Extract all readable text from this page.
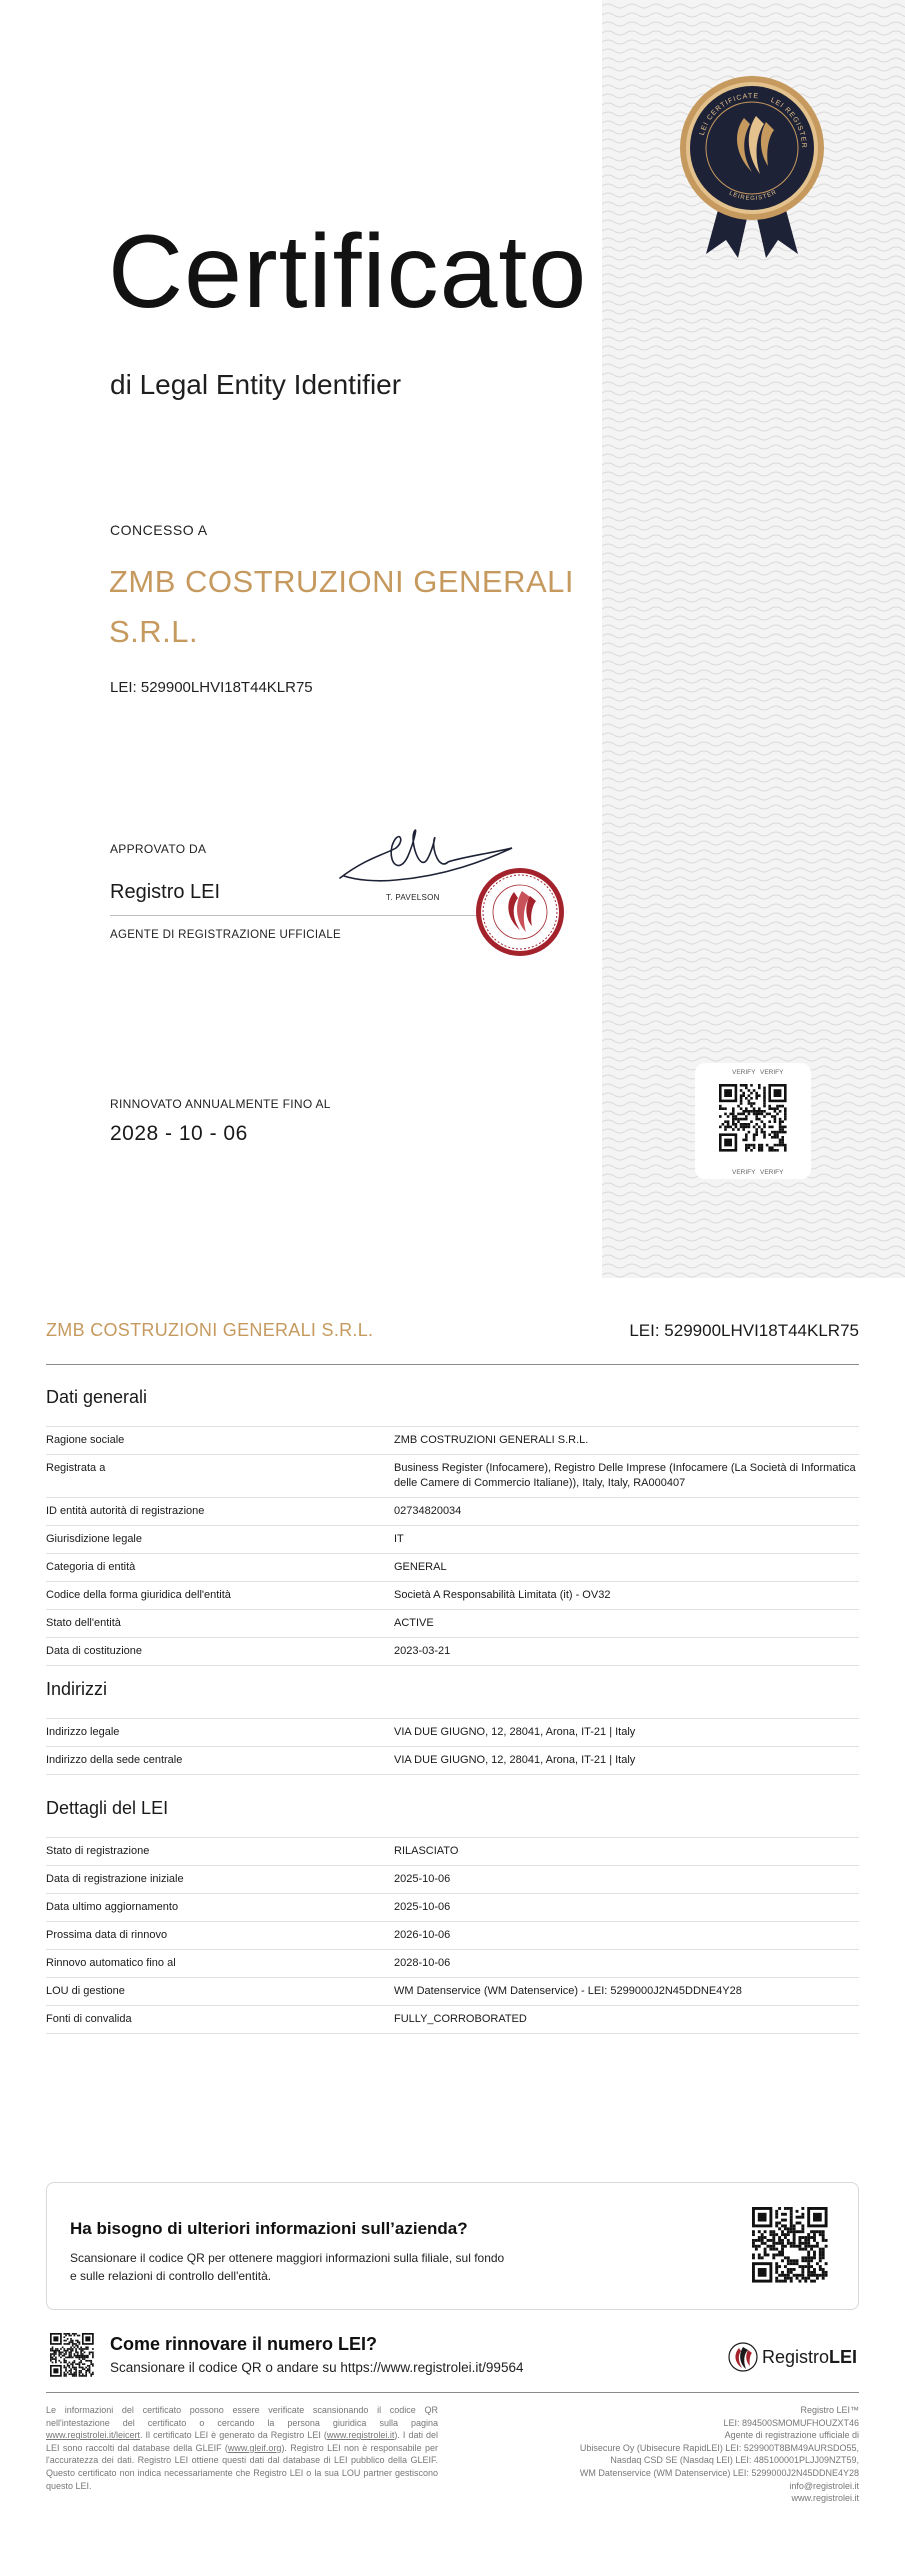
LEI CERTIFICATE
LEI REGISTER
LEIREGISTER
Certificato
di Legal Entity Identifier
CONCESSO A
ZMB COSTRUZIONI GENERALI S.R.L.
LEI: 529900LHVI18T44KLR75
APPROVATO DA
Registro LEI
AGENTE DI REGISTRAZIONE UFFICIALE
T. PAVELSON
RINNOVATO ANNUALMENTE FINO AL
2028 - 10 - 06
VERIFY VERIFY
VERIFY VERIFY
ZMB COSTRUZIONI GENERALI S.R.L.	LEI: 529900LHVI18T44KLR75
Dati generali
Ragione sociale	ZMB COSTRUZIONI GENERALI S.R.L.
Registrata a	Business Register (Infocamere), Registro Delle Imprese (Infocamere (La Società di Informatica delle Camere di Commercio Italiane)), Italy, Italy, RA000407
ID entità autorità di registrazione	02734820034
Giurisdizione legale	IT
Categoria di entità	GENERAL
Codice della forma giuridica dell'entità	Società A Responsabilità Limitata (it) - OV32
Stato dell'entità	ACTIVE
Data di costituzione	2023-03-21
Indirizzi
Indirizzo legale	VIA DUE GIUGNO, 12, 28041, Arona, IT-21 | Italy
Indirizzo della sede centrale	VIA DUE GIUGNO, 12, 28041, Arona, IT-21 | Italy
Dettagli del LEI
Stato di registrazione	RILASCIATO
Data di registrazione iniziale	2025-10-06
Data ultimo aggiornamento	2025-10-06
Prossima data di rinnovo	2026-10-06
Rinnovo automatico fino al	2028-10-06
LOU di gestione	WM Datenservice (WM Datenservice) - LEI: 5299000J2N45DDNE4Y28
Fonti di convalida	FULLY_CORROBORATED
Ha bisogno di ulteriori informazioni sull’azienda?
Scansionare il codice QR per ottenere maggiori informazioni sulla filiale, sul fondo e sulle relazioni di controllo dell'entità.
Come rinnovare il numero LEI?
Scansionare il codice QR o andare su https://www.registrolei.it/99564
RegistroLEI
Le informazioni del certificato possono essere verificate scansionando il codice QR nell'intestazione del certificato o cercando la persona giuridica sulla pagina www.registrolei.it/leicert. Il certificato LEI è generato da Registro LEI (www.registrolei.it). I dati del LEI sono raccolti dal database della GLEIF (www.gleif.org). Registro LEI non è responsabile per l'accuratezza dei dati. Registro LEI ottiene questi dati dal database di LEI pubblico della GLEIF. Questo certificato non indica necessariamente che Registro LEI o la sua LOU partner gestiscono questo LEI.
Registro LEI™
LEI: 894500SMOMUFHOUZXT46
Agente di registrazione ufficiale di
Ubisecure Oy (Ubisecure RapidLEI) LEI: 529900T8BM49AURSDO55,
Nasdaq CSD SE (Nasdaq LEI) LEI: 485100001PLJJ09NZT59,
WM Datenservice (WM Datenservice) LEI: 5299000J2N45DDNE4Y28
info@registrolei.it
www.registrolei.it
